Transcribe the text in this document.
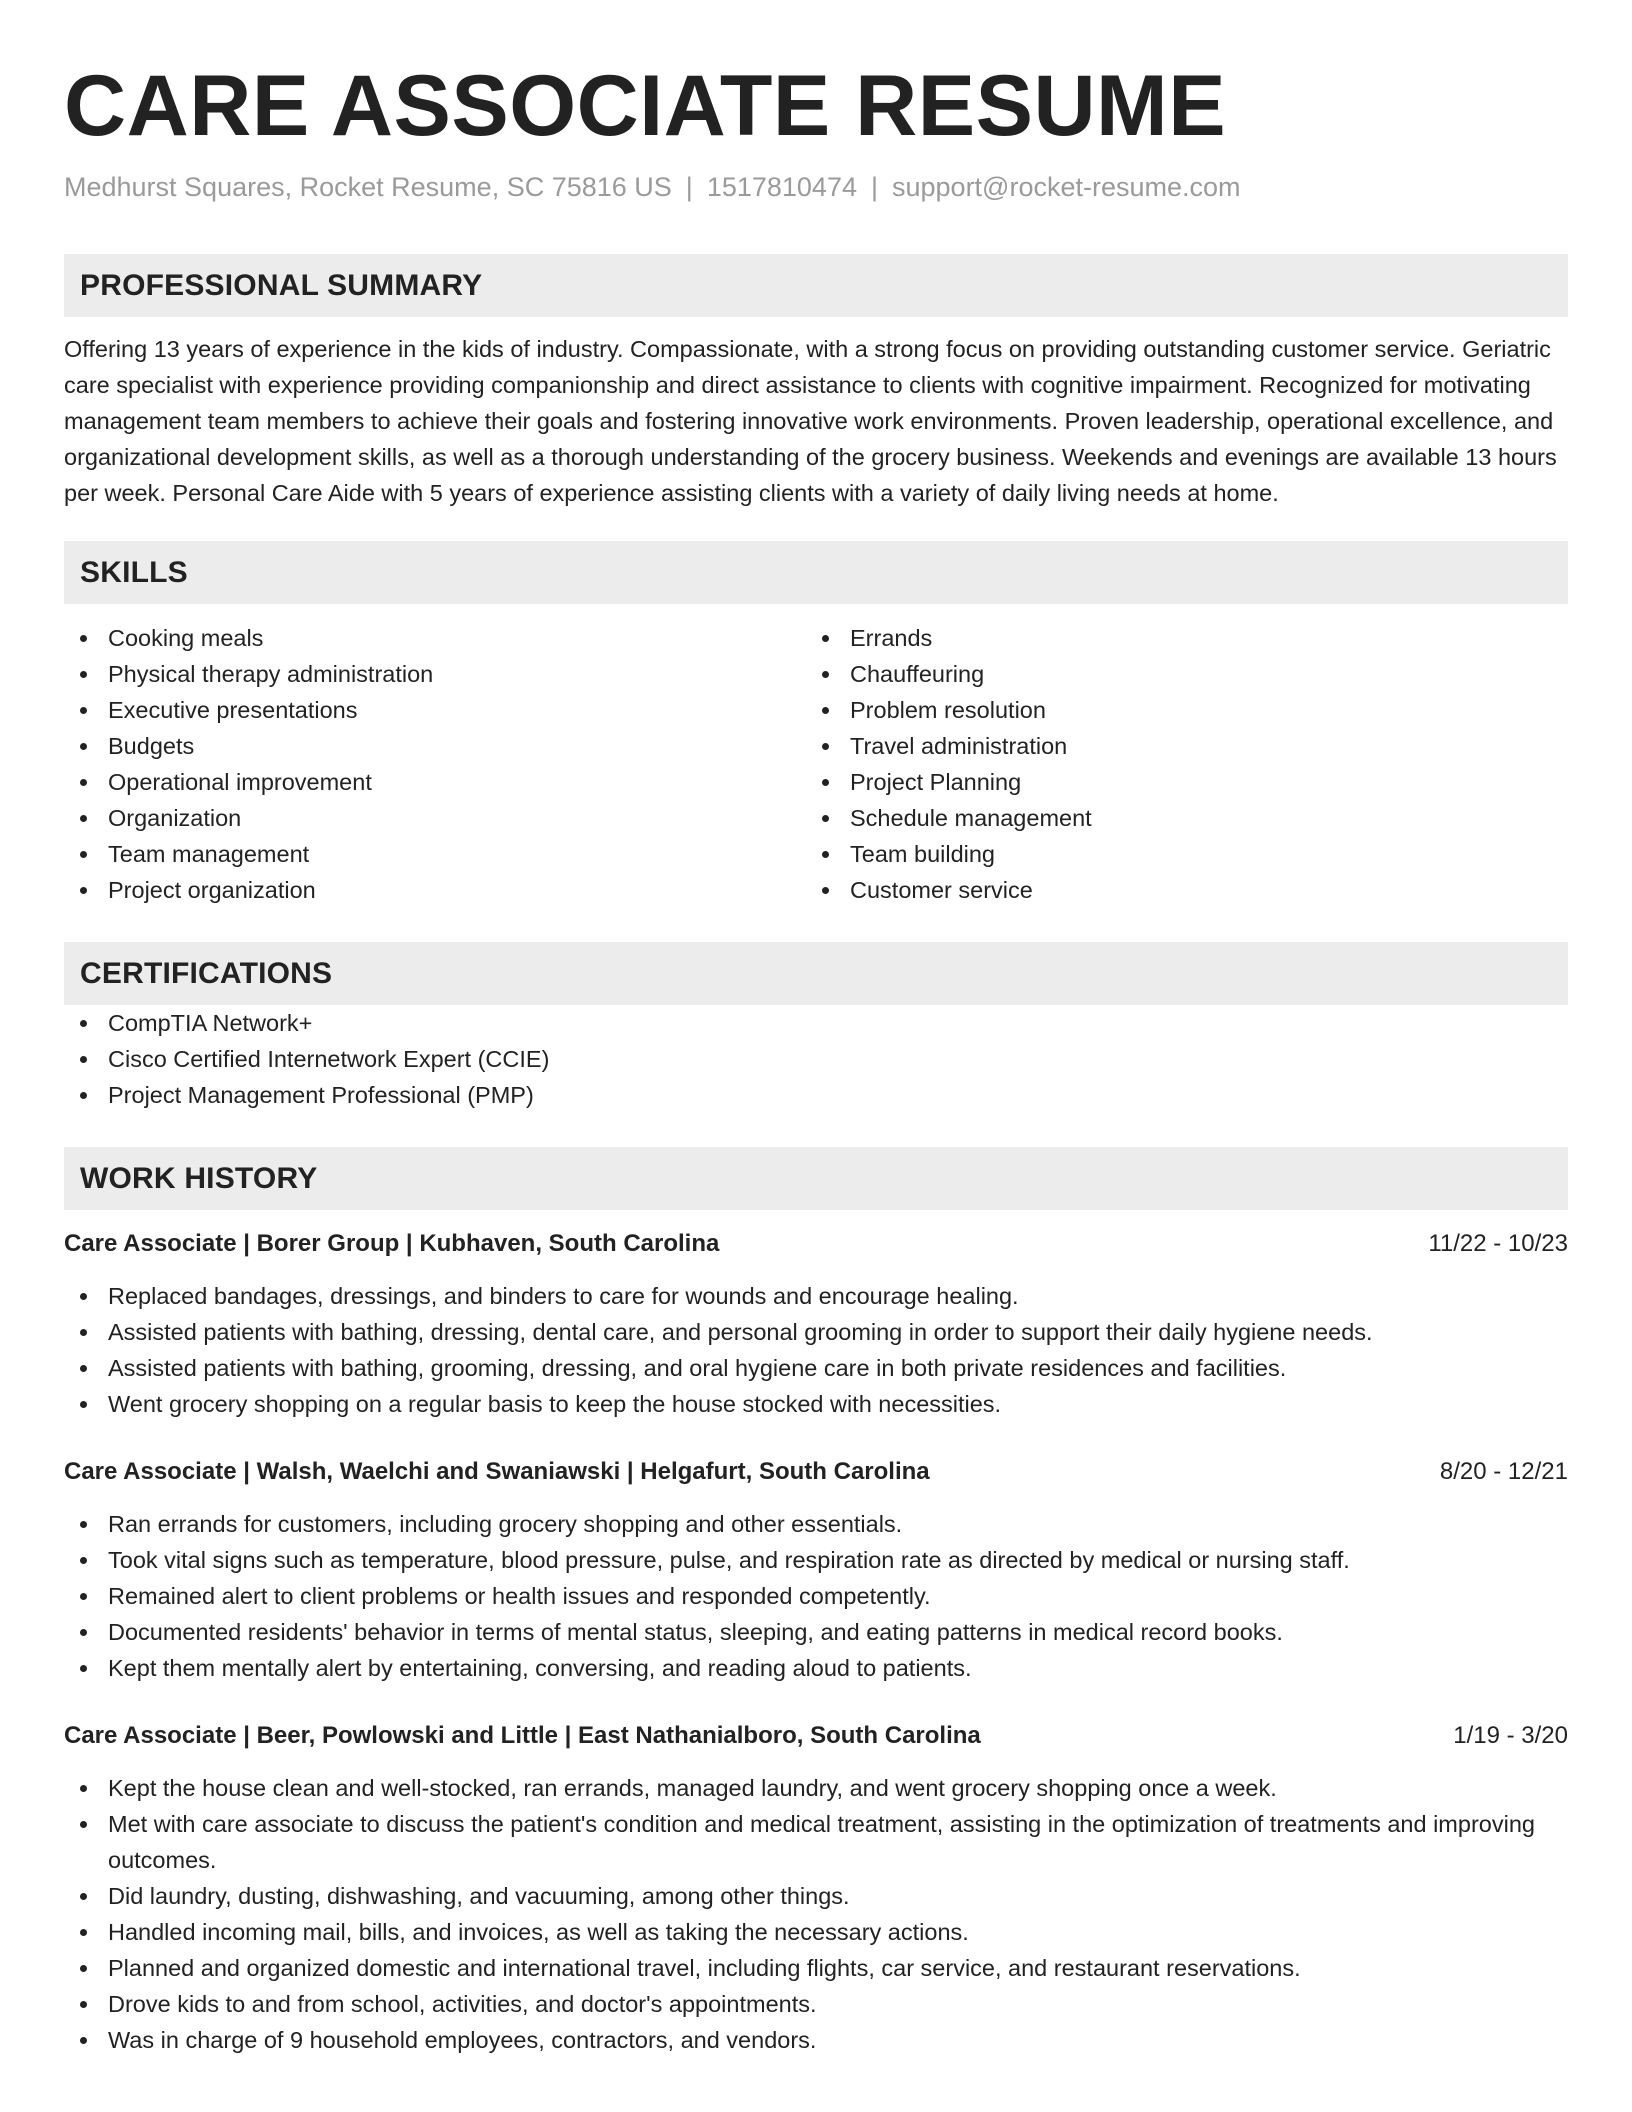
CARE ASSOCIATE RESUME
Medhurst Squares, Rocket Resume, SC 75816 US | 1517810474 | support@rocket-resume.com
PROFESSIONAL SUMMARY
Offering 13 years of experience in the kids of industry. Compassionate, with a strong focus on providing outstanding customer service. Geriatric care specialist with experience providing companionship and direct assistance to clients with cognitive impairment. Recognized for motivating management team members to achieve their goals and fostering innovative work environments. Proven leadership, operational excellence, and organizational development skills, as well as a thorough understanding of the grocery business. Weekends and evenings are available 13 hours per week. Personal Care Aide with 5 years of experience assisting clients with a variety of daily living needs at home.
SKILLS
Cooking meals
Physical therapy administration
Executive presentations
Budgets
Operational improvement
Organization
Team management
Project organization
Errands
Chauffeuring
Problem resolution
Travel administration
Project Planning
Schedule management
Team building
Customer service
CERTIFICATIONS
CompTIA Network+
Cisco Certified Internetwork Expert (CCIE)
Project Management Professional (PMP)
WORK HISTORY
Care Associate | Borer Group | Kubhaven, South Carolina	11/22 - 10/23
Replaced bandages, dressings, and binders to care for wounds and encourage healing.
Assisted patients with bathing, dressing, dental care, and personal grooming in order to support their daily hygiene needs.
Assisted patients with bathing, grooming, dressing, and oral hygiene care in both private residences and facilities.
Went grocery shopping on a regular basis to keep the house stocked with necessities.
Care Associate | Walsh, Waelchi and Swaniawski | Helgafurt, South Carolina	8/20 - 12/21
Ran errands for customers, including grocery shopping and other essentials.
Took vital signs such as temperature, blood pressure, pulse, and respiration rate as directed by medical or nursing staff.
Remained alert to client problems or health issues and responded competently.
Documented residents' behavior in terms of mental status, sleeping, and eating patterns in medical record books.
Kept them mentally alert by entertaining, conversing, and reading aloud to patients.
Care Associate | Beer, Powlowski and Little | East Nathanialboro, South Carolina	1/19 - 3/20
Kept the house clean and well-stocked, ran errands, managed laundry, and went grocery shopping once a week.
Met with care associate to discuss the patient's condition and medical treatment, assisting in the optimization of treatments and improving outcomes.
Did laundry, dusting, dishwashing, and vacuuming, among other things.
Handled incoming mail, bills, and invoices, as well as taking the necessary actions.
Planned and organized domestic and international travel, including flights, car service, and restaurant reservations.
Drove kids to and from school, activities, and doctor's appointments.
Was in charge of 9 household employees, contractors, and vendors.
